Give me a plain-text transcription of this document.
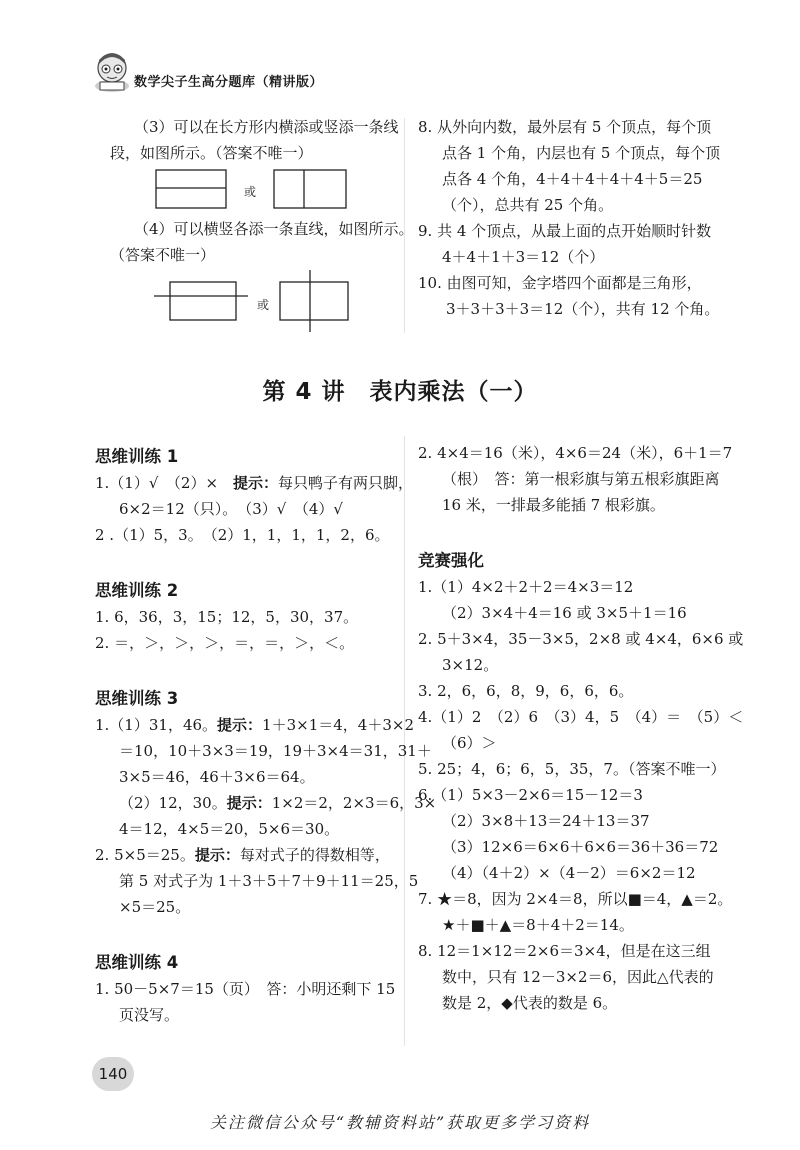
数学尖子生高分题库（精讲版）

（3）可以在长方形内横添或竖添一条线

段，如图所示。（答案不唯一）

或

（4）可以横竖各添一条直线，如图所示。

（答案不唯一）

或

8. 从外向内数，最外层有 5 个顶点，每个顶

点各 1 个角，内层也有 5 个顶点，每个顶

点各 4 个角，4＋4＋4＋4＋4＋5＝25

（个），总共有 25 个角。

9. 共 4 个顶点，从最上面的点开始顺时针数

4＋4＋1＋3＝12（个）

10. 由图可知，金字塔四个面都是三角形，

3＋3＋3＋3＝12（个），共有 12 个角。

第 4 讲　表内乘法（一）

思维训练 1

1.（1）√　（2）×　提示：每只鸭子有两只脚，

6×2＝12（只）。　（3）√　（4）√

2 .（1）5，3。　（2）1，1，1，1，2，6。

思维训练 2

1. 6，36，3，15；12，5，30，37。

2. ＝，＞，＞，＞，＝，＝，＞，＜。

思维训练 3

1.（1）31，46。提示：1＋3×1＝4，4＋3×2

＝10，10＋3×3＝19，19＋3×4＝31，31＋

3×5＝46，46＋3×6＝64。

（2）12，30。提示：1×2＝2，2×3＝6，3×

4＝12，4×5＝20，5×6＝30。

2. 5×5＝25。提示：每对式子的得数相等，

第 5 对式子为 1＋3＋5＋7＋9＋11＝25，5

×5＝25。

思维训练 4

1. 50－5×7＝15（页）　答：小明还剩下 15

页没写。

2. 4×4＝16（米），4×6＝24（米），6＋1＝7

（根）　答：第一根彩旗与第五根彩旗距离

16 米，一排最多能插 7 根彩旗。

竞赛强化

1.（1）4×2＋2＋2＝4×3＝12

（2）3×4＋4＝16 或 3×5＋1＝16

2. 5＋3×4，35－3×5，2×8 或 4×4，6×6 或

3×12。

3. 2，6，6，8，9，6，6，6。

4.（1）2　（2）6　（3）4，5　（4）＝　（5）＜

（6）＞

5. 25；4，6；6，5，35，7。（答案不唯一）

6.（1）5×3－2×6＝15－12＝3

（2）3×8＋13＝24＋13＝37

（3）12×6＝6×6＋6×6＝36＋36＝72

（4）（4＋2）×（4－2）＝6×2＝12

7. ★＝8，因为 2×4＝8，所以■＝4，▲＝2。

★＋■＋▲＝8＋4＋2＝14。

8. 12＝1×12＝2×6＝3×4，但是在这三组

数中，只有 12－3×2＝6，因此△代表的

数是 2，◆代表的数是 6。

140
关注微信公众号“教辅资料站”获取更多学习资料
